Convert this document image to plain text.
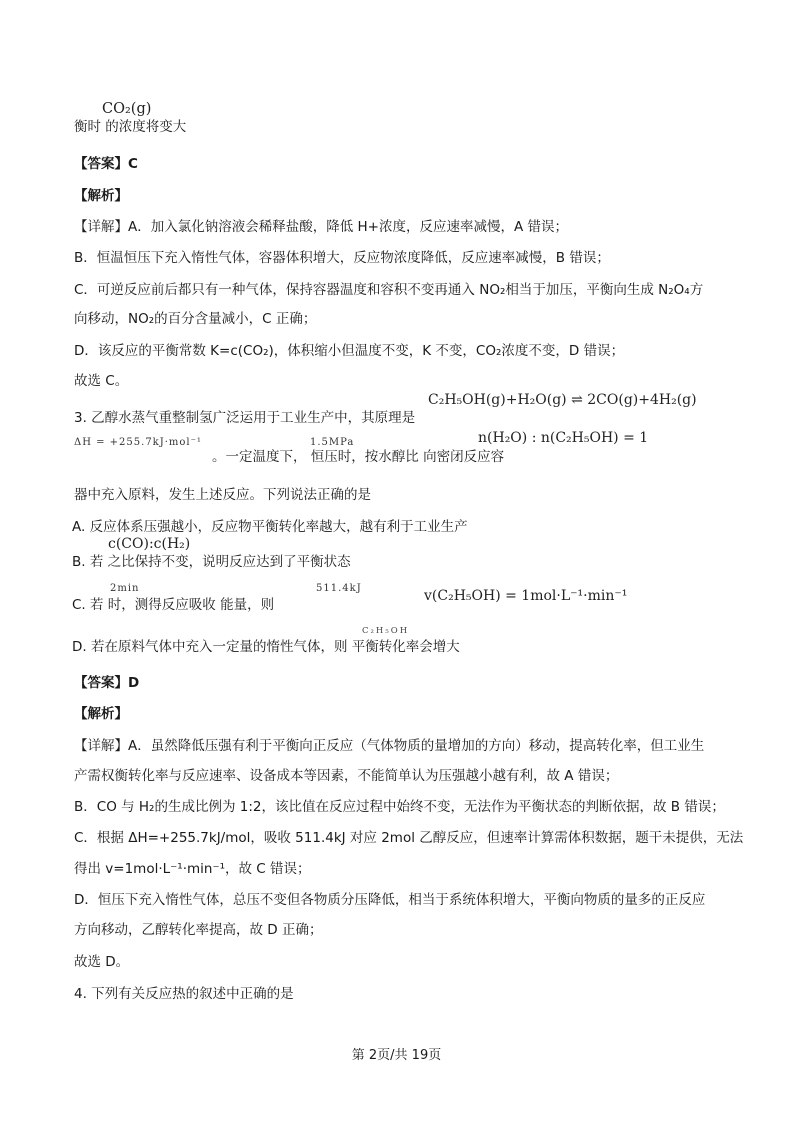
CO₂(g)
衡时 的浓度将变大
【答案】C
【解析】
【详解】A．加入氯化钠溶液会稀释盐酸，降低 H+浓度，反应速率减慢，A 错误；
B．恒温恒压下充入惰性气体，容器体积增大，反应物浓度降低，反应速率减慢，B 错误；
C．可逆反应前后都只有一种气体，保持容器温度和容积不变再通入 NO₂相当于加压，平衡向生成 N₂O₄方
向移动，NO₂的百分含量减小，C 正确；
D．该反应的平衡常数 K=c(CO₂)，体积缩小但温度不变，K 不变，CO₂浓度不变，D 错误；
故选 C。
C₂H₅OH(g)+H₂O(g) ⇌ 2CO(g)+4H₂(g)
3. 乙醇水蒸气重整制氢广泛运用于工业生产中，其原理是
ΔH = +255.7kJ·mol⁻¹	1.5MPa	n(H₂O) : n(C₂H₅OH) = 1
。一定温度下， 恒压时，按水醇比 向密闭反应容
器中充入原料，发生上述反应。下列说法正确的是
A. 反应体系压强越小，反应物平衡转化率越大，越有利于工业生产
c(CO):c(H₂)
B. 若 之比保持不变，说明反应达到了平衡状态
2min	511.4kJ	v(C₂H₅OH) = 1mol·L⁻¹·min⁻¹
C. 若 时，测得反应吸收 能量，则
C₂H₅OH
D. 若在原料气体中充入一定量的惰性气体，则 平衡转化率会增大
【答案】D
【解析】
【详解】A．虽然降低压强有利于平衡向正反应（气体物质的量增加的方向）移动，提高转化率，但工业生
产需权衡转化率与反应速率、设备成本等因素，不能简单认为压强越小越有利，故 A 错误；
B．CO 与 H₂的生成比例为 1:2，该比值在反应过程中始终不变，无法作为平衡状态的判断依据，故 B 错误；
C．根据 ΔH=+255.7kJ/mol，吸收 511.4kJ 对应 2mol 乙醇反应，但速率计算需体积数据，题干未提供，无法
得出 v=1mol·L⁻¹·min⁻¹，故 C 错误；
D．恒压下充入惰性气体，总压不变但各物质分压降低，相当于系统体积增大，平衡向物质的量多的正反应
方向移动，乙醇转化率提高，故 D 正确；
故选 D。
4. 下列有关反应热的叙述中正确的是
第 2页/共 19页
